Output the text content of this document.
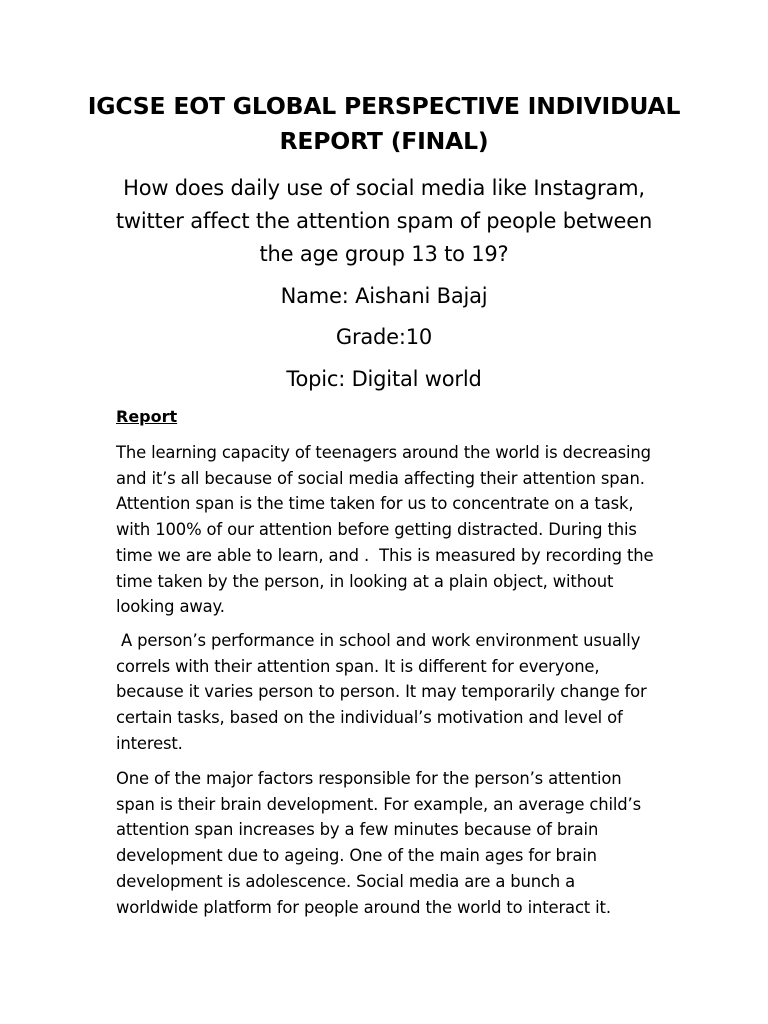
IGCSE EOT GLOBAL PERSPECTIVE INDIVIDUAL
REPORT (FINAL)
How does daily use of social media like Instagram,
twitter affect the attention spam of people between
the age group 13 to 19?
Name: Aishani Bajaj
Grade:10
Topic: Digital world
Report
The learning capacity of teenagers around the world is decreasing
and it’s all because of social media affecting their attention span.
Attention span is the time taken for us to concentrate on a task,
with 100% of our attention before getting distracted. During this
time we are able to learn, and .  This is measured by recording the
time taken by the person, in looking at a plain object, without
looking away.
A person’s performance in school and work environment usually
correls with their attention span. It is different for everyone,
because it varies person to person. It may temporarily change for
certain tasks, based on the individual’s motivation and level of
interest.
One of the major factors responsible for the person’s attention
span is their brain development. For example, an average child’s
attention span increases by a few minutes because of brain
development due to ageing. One of the main ages for brain
development is adolescence. Social media are a bunch a
worldwide platform for people around the world to interact it.
